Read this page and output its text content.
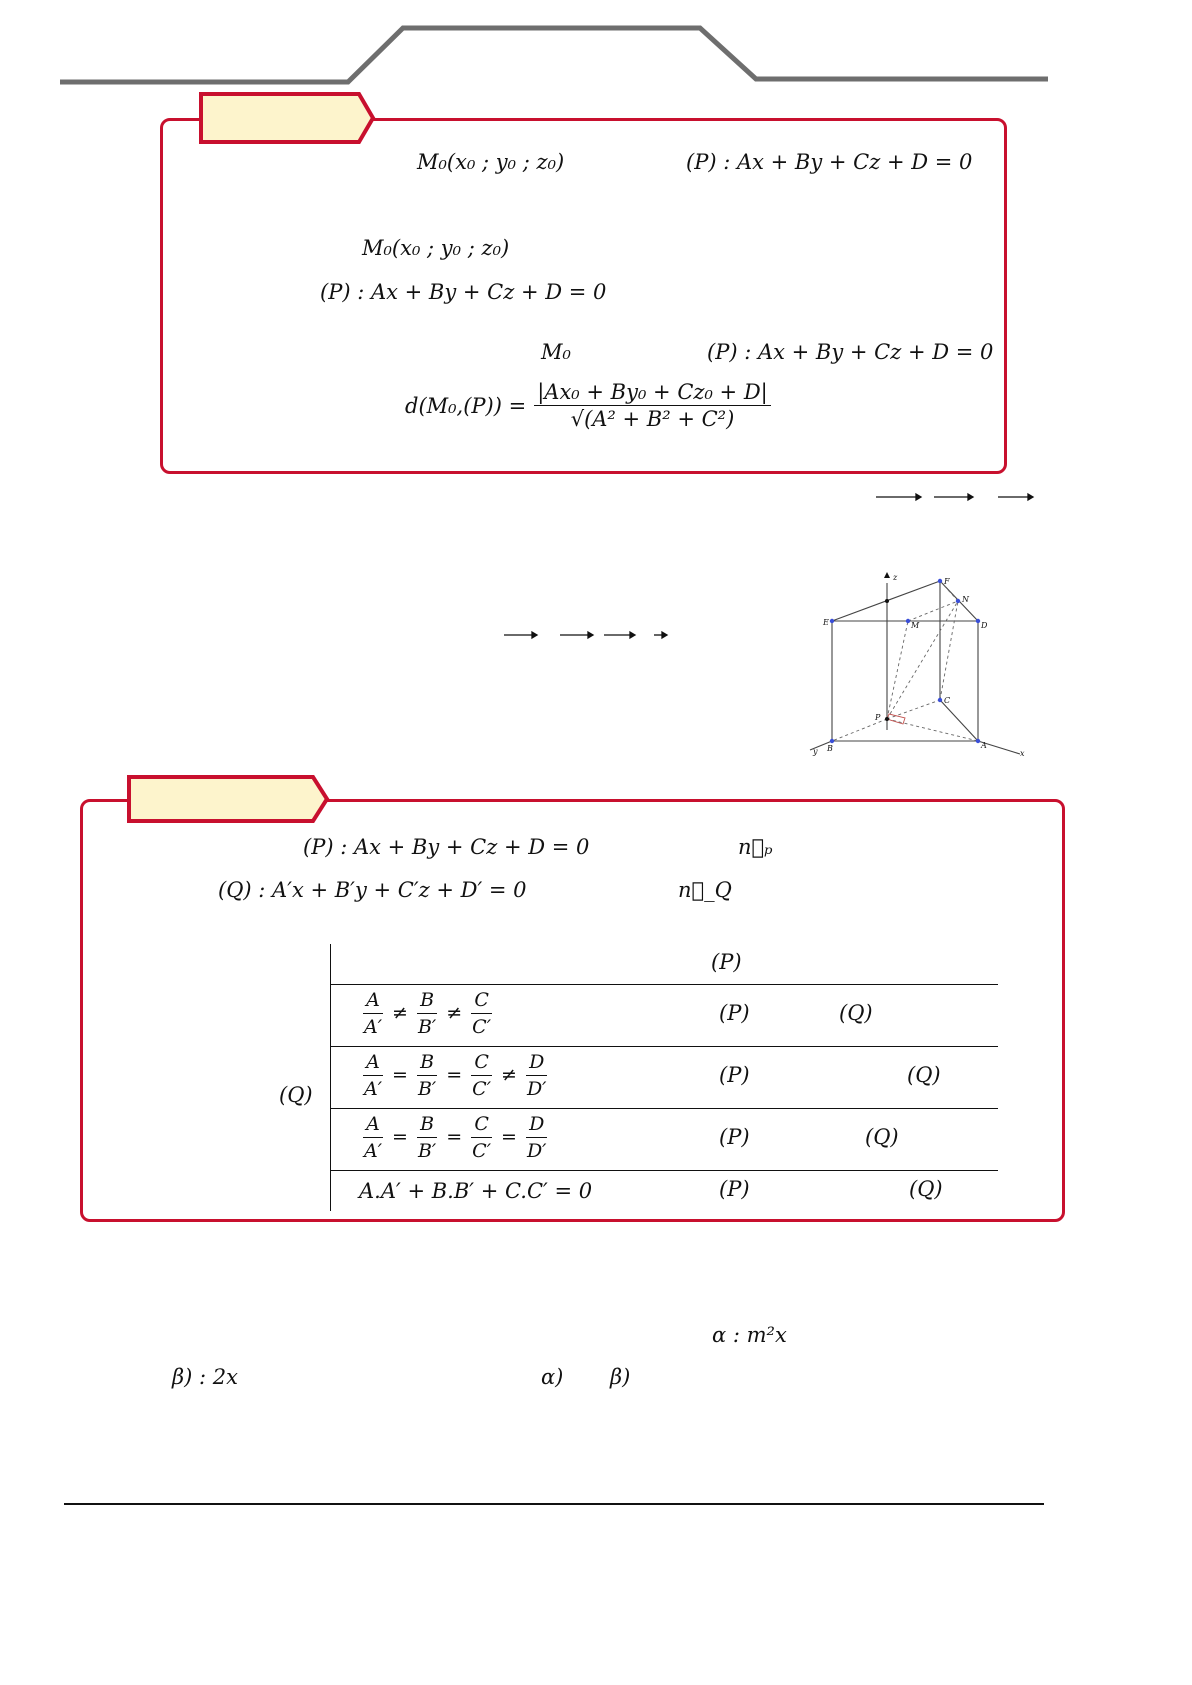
M₀(x₀ ; y₀ ; z₀)	(P) : Ax + By + Cz + D = 0
M₀(x₀ ; y₀ ; z₀)
(P) : Ax + By + Cz + D = 0
M₀	(P) : Ax + By + Cz + D = 0
$d(M_0,(P)) = \frac{\text{|Ax₀ + By₀ + Cz₀ + D|}}{\text{√(A² + B² + C²)}}$
z	F
N
E	M	D
C
P
B	A
y	x
(P) : Ax + By + Cz + D = 0	n⃗ₚ
(Q) : A′x + B′y + C′z + D′ = 0	n⃗_Q
(Q)
(P)
$\frac{A}{A'} \ne \frac{B}{B'} \ne \frac{C}{C'}$	(P)	(Q)
$\frac{A}{A'} = \frac{B}{B'} = \frac{C}{C'} \ne \frac{D}{D'}$	(P)	(Q)
$\frac{A}{A'} = \frac{B}{B'} = \frac{C}{C'} = \frac{D}{D'}$	(P)	(Q)
A.A′ + B.B′ + C.C′ = 0	(P)	(Q)
α : m²x
β) : 2x	α) β)
